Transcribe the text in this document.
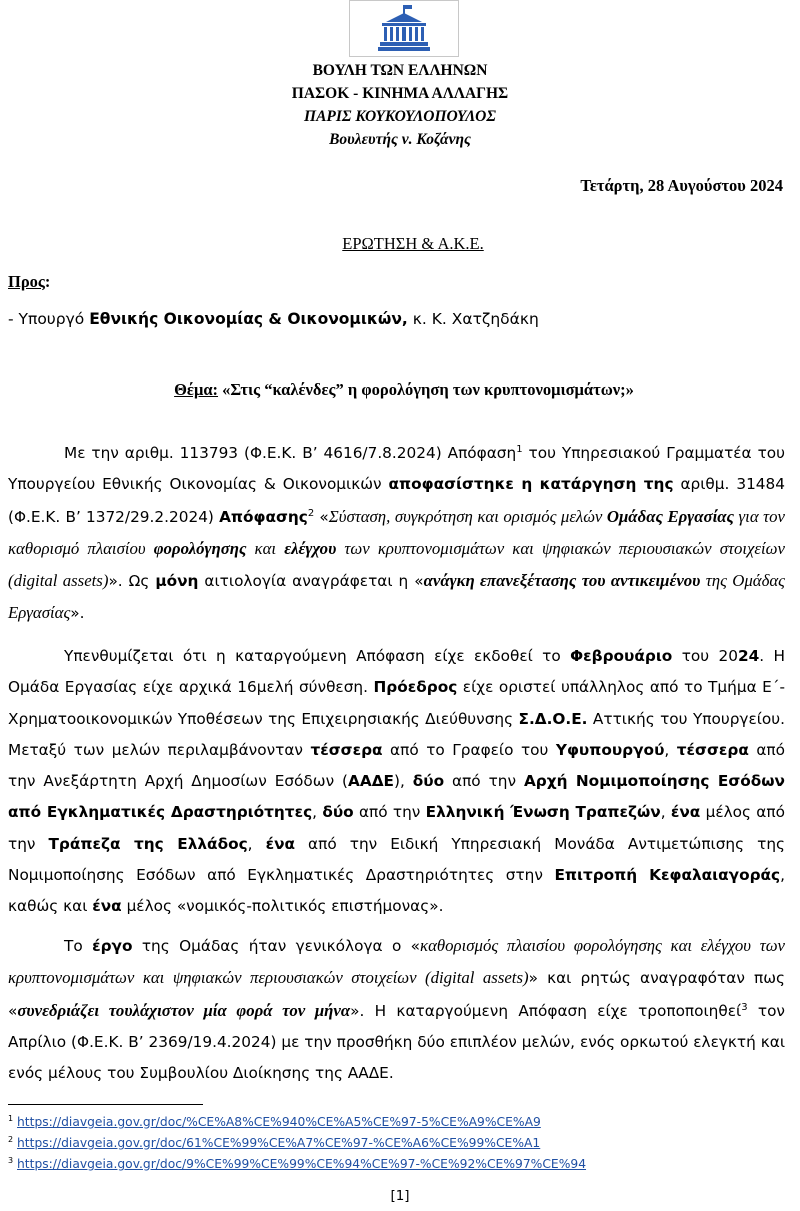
ΒΟΥΛΗ ΤΩΝ ΕΛΛΗΝΩΝ
ΠΑΣΟΚ - ΚΙΝΗΜΑ ΑΛΛΑΓΗΣ
ΠΑΡΙΣ ΚΟΥΚΟΥΛΟΠΟΥΛΟΣ
Βουλευτής ν. Κοζάνης
Τετάρτη, 28 Αυγούστου 2024
ΕΡΩΤΗΣΗ & Α.Κ.Ε.
Προς:
- Υπουργό Εθνικής Οικονομίας & Οικονομικών, κ. Κ. Χατζηδάκη
Θέμα: «Στις “καλένδες” η φορολόγηση των κρυπτονομισμάτων;»
Με την αριθμ. 113793 (Φ.Ε.Κ. Β’ 4616/7.8.2024) Απόφαση$^1$ του Υπηρεσιακού Γραμματέα του Υπουργείου Εθνικής Οικονομίας & Οικονομικών αποφασίστηκε η κατάργηση της αριθμ. 31484 (Φ.Ε.Κ. Β’ 1372/29.2.2024) Απόφασης$^2$ «Σύσταση, συγκρότηση και ορισμός μελών Ομάδας Εργασίας για τον καθορισμό πλαισίου φορολόγησης και ελέγχου των κρυπτονομισμάτων και ψηφιακών περιουσιακών στοιχείων (digital assets)». Ως μόνη αιτιολογία αναγράφεται η «ανάγκη επανεξέτασης του αντικειμένου της Ομάδας Εργασίας».
Υπενθυμίζεται ότι η καταργούμενη Απόφαση είχε εκδοθεί το Φεβρουάριο του 2024. Η Ομάδα Εργασίας είχε αρχικά 16μελή σύνθεση. Πρόεδρος είχε οριστεί υπάλληλος από το Τμήμα Ε΄- Χρηματοοικονομικών Υποθέσεων της Επιχειρησιακής Διεύθυνσης Σ.Δ.Ο.Ε. Αττικής του Υπουργείου. Μεταξύ των μελών περιλαμβάνονταν τέσσερα από το Γραφείο του Υφυπουργού, τέσσερα από την Ανεξάρτητη Αρχή Δημοσίων Εσόδων (ΑΑΔΕ), δύο από την Αρχή Νομιμοποίησης Εσόδων από Εγκληματικές Δραστηριότητες, δύο από την Ελληνική Ένωση Τραπεζών, ένα μέλος από την Τράπεζα της Ελλάδος, ένα από την Ειδική Υπηρεσιακή Μονάδα Αντιμετώπισης της Νομιμοποίησης Εσόδων από Εγκληματικές Δραστηριότητες στην Επιτροπή Κεφαλαιαγοράς, καθώς και ένα μέλος «νομικός-πολιτικός επιστήμονας».
Το έργο της Ομάδας ήταν γενικόλογα ο «καθορισμός πλαισίου φορολόγησης και ελέγχου των κρυπτονομισμάτων και ψηφιακών περιουσιακών στοιχείων (digital assets)» και ρητώς αναγραφόταν πως «συνεδριάζει τουλάχιστον μία φορά τον μήνα». Η καταργούμενη Απόφαση είχε τροποποιηθεί$^3$ τον Απρίλιο (Φ.Ε.Κ. Β’ 2369/19.4.2024) με την προσθήκη δύο επιπλέον μελών, ενός ορκωτού ελεγκτή και ενός μέλους του Συμβουλίου Διοίκησης της ΑΑΔΕ.
$^1$ https://diavgeia.gov.gr/doc/%CE%A8%CE%940%CE%A5%CE%97-5%CE%A9%CE%A9
$^2$ https://diavgeia.gov.gr/doc/61%CE%99%CE%A7%CE%97-%CE%A6%CE%99%CE%A1
$^3$ https://diavgeia.gov.gr/doc/9%CE%99%CE%99%CE%94%CE%97-%CE%92%CE%97%CE%94
[1]
